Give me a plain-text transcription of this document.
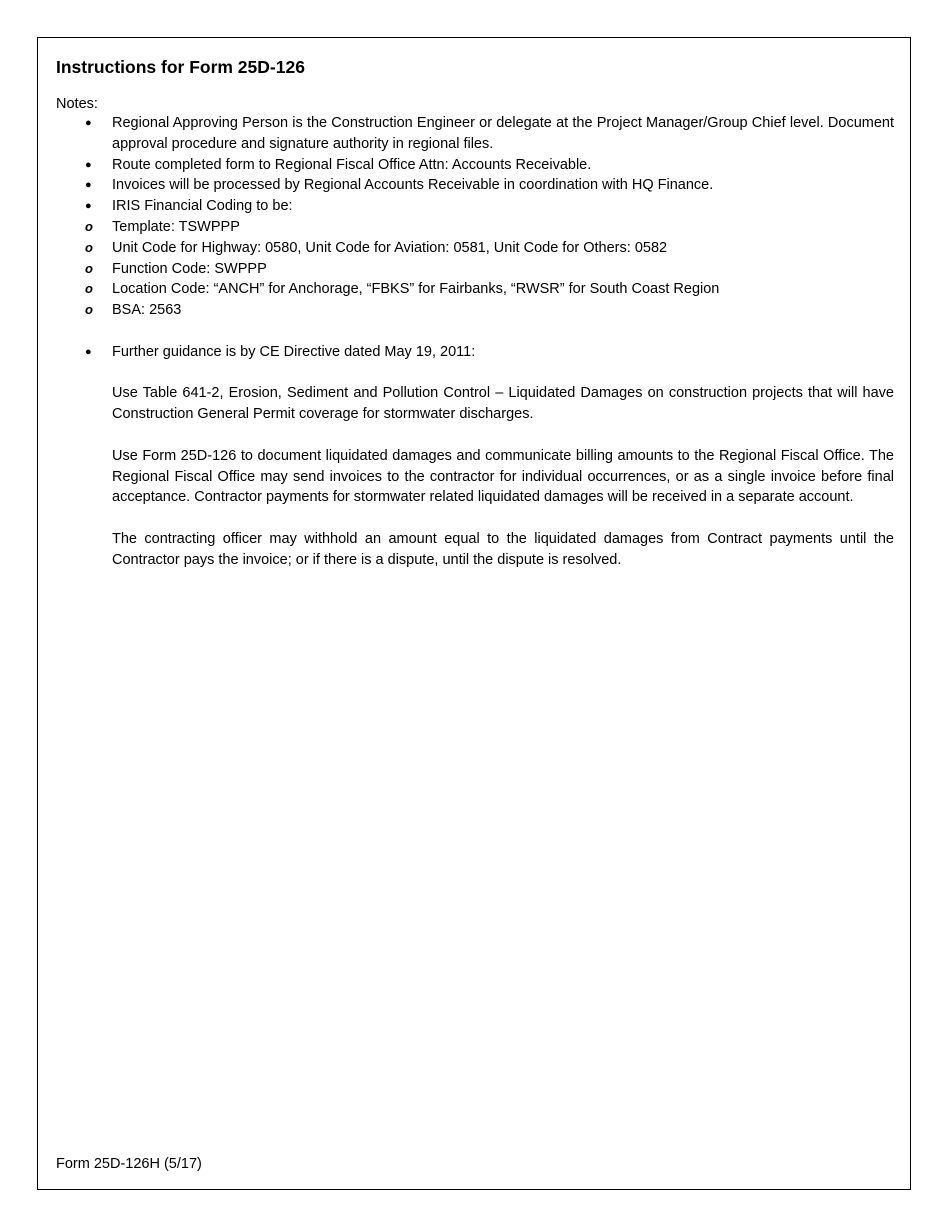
Instructions for Form 25D-126
Notes:
● Regional Approving Person is the Construction Engineer or delegate at the Project Manager/Group Chief level. Document approval procedure and signature authority in regional files.
● Route completed form to Regional Fiscal Office Attn: Accounts Receivable.
● Invoices will be processed by Regional Accounts Receivable in coordination with HQ Finance.
● IRIS Financial Coding to be:
o Template: TSWPPP
o Unit Code for Highway: 0580, Unit Code for Aviation: 0581, Unit Code for Others: 0582
o Function Code: SWPPP
o Location Code: “ANCH” for Anchorage, “FBKS” for Fairbanks, “RWSR” for South Coast Region
o BSA: 2563
● Further guidance is by CE Directive dated May 19, 2011:

Use Table 641-2, Erosion, Sediment and Pollution Control – Liquidated Damages on construction projects that will have Construction General Permit coverage for stormwater discharges.

Use Form 25D-126 to document liquidated damages and communicate billing amounts to the Regional Fiscal Office. The Regional Fiscal Office may send invoices to the contractor for individual occurrences, or as a single invoice before final acceptance. Contractor payments for stormwater related liquidated damages will be received in a separate account.

The contracting officer may withhold an amount equal to the liquidated damages from Contract payments until the Contractor pays the invoice; or if there is a dispute, until the dispute is resolved.

Form 25D-126H (5/17)
